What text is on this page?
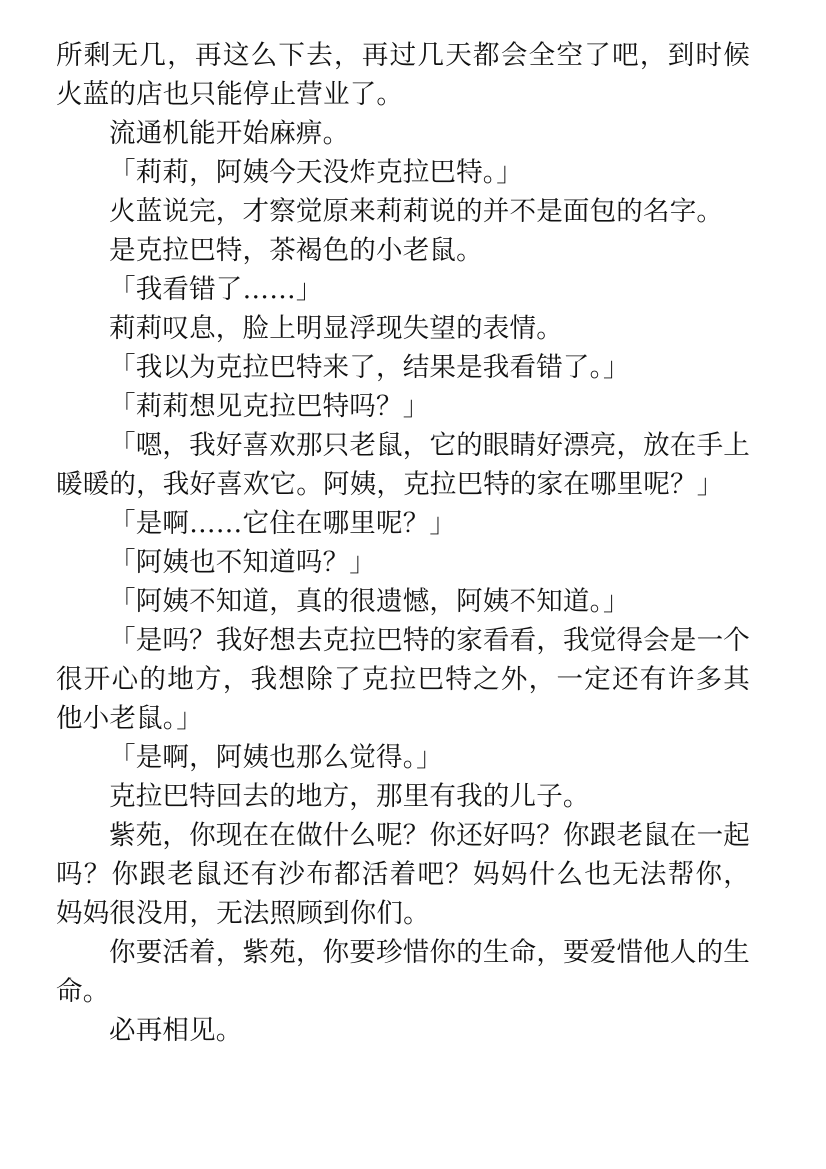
所剩无几，再这么下去，再过几天都会全空了吧，到时候火蓝的店也只能停止营业了。

流通机能开始麻痹。

「莉莉，阿姨今天没炸克拉巴特。」

火蓝说完，才察觉原来莉莉说的并不是面包的名字。

是克拉巴特，茶褐色的小老鼠。

「我看错了……」

莉莉叹息，脸上明显浮现失望的表情。

「我以为克拉巴特来了，结果是我看错了。」

「莉莉想见克拉巴特吗？」

「嗯，我好喜欢那只老鼠，它的眼睛好漂亮，放在手上暖暖的，我好喜欢它。阿姨，克拉巴特的家在哪里呢？」

「是啊……它住在哪里呢？」

「阿姨也不知道吗？」

「阿姨不知道，真的很遗憾，阿姨不知道。」

「是吗？我好想去克拉巴特的家看看，我觉得会是一个很开心的地方，我想除了克拉巴特之外，一定还有许多其他小老鼠。」

「是啊，阿姨也那么觉得。」

克拉巴特回去的地方，那里有我的儿子。

紫苑，你现在在做什么呢？你还好吗？你跟老鼠在一起吗？你跟老鼠还有沙布都活着吧？妈妈什么也无法帮你，妈妈很没用，无法照顾到你们。

你要活着，紫苑，你要珍惜你的生命，要爱惜他人的生命。

必再相见。
